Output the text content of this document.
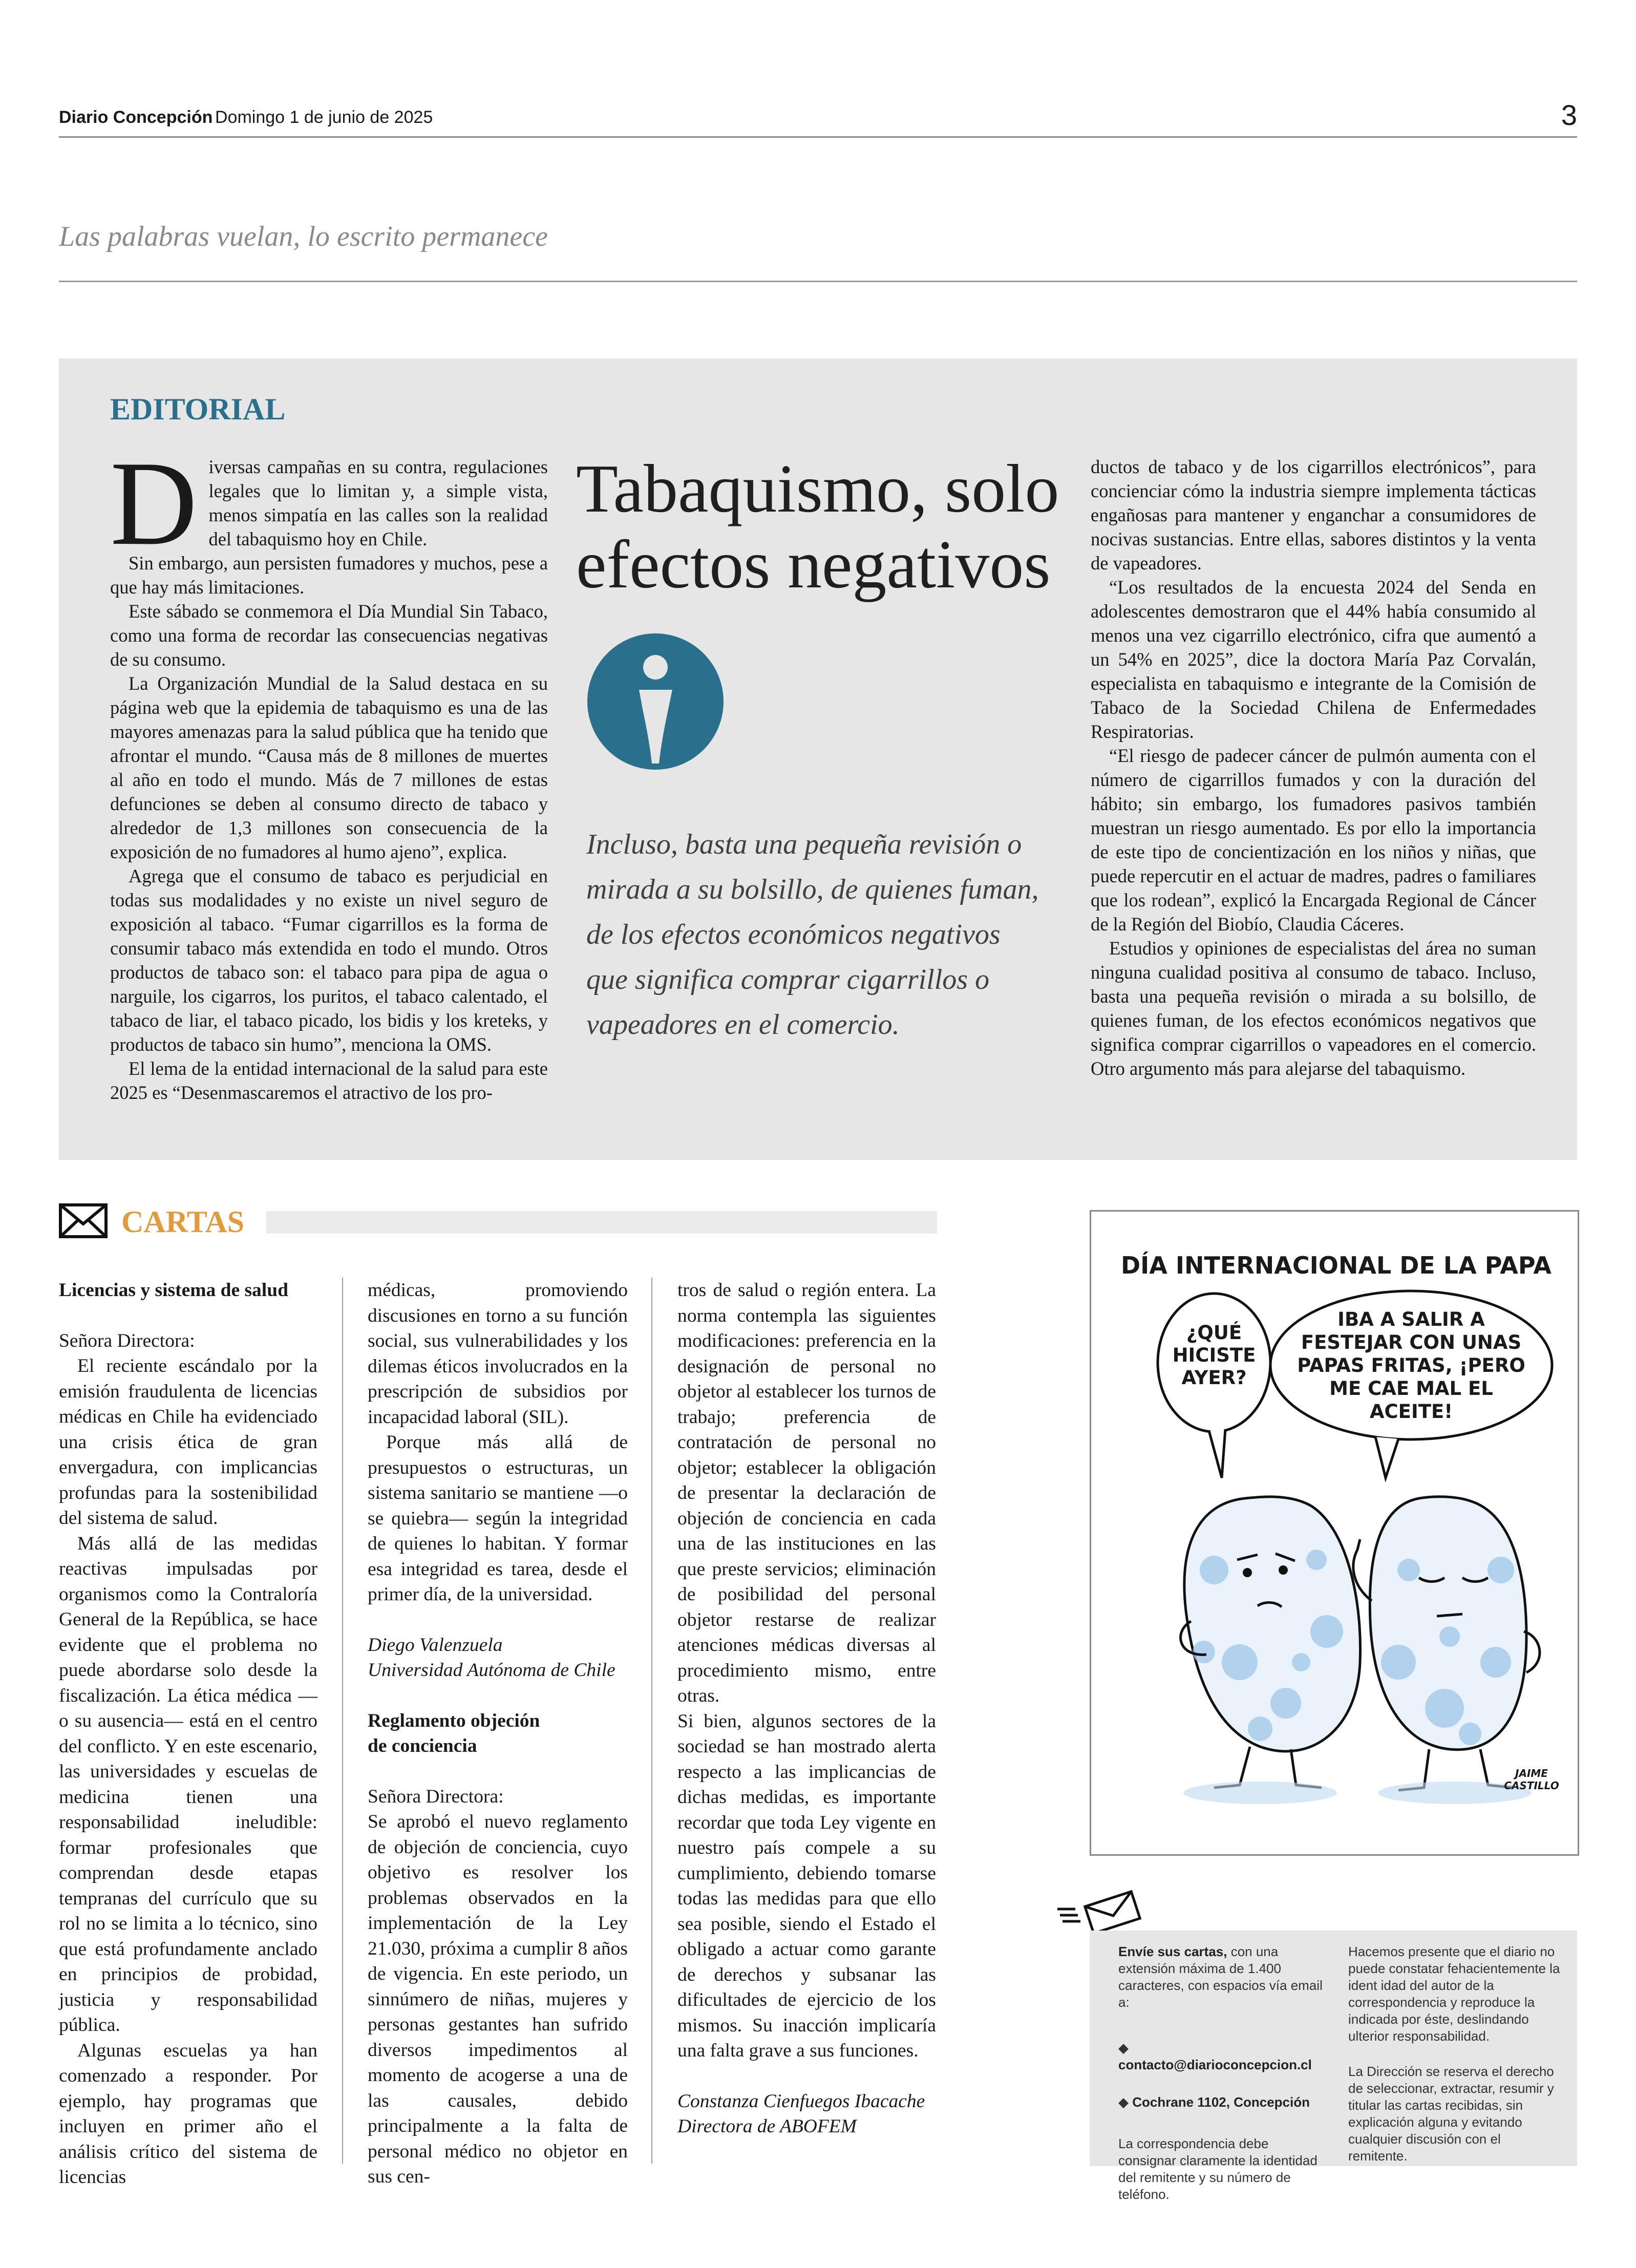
Diario Concepción Domingo 1 de junio de 2025	3
Las palabras vuelan, lo escrito permanece
EDITORIAL

Diversas campañas en su contra, regulaciones legales que lo limitan y, a simple vista, menos simpatía en las calles son la realidad del tabaquismo hoy en Chile.

Sin embargo, aun persisten fumadores y muchos, pese a que hay más limitaciones.

Este sábado se conmemora el Día Mundial Sin Tabaco, como una forma de recordar las consecuencias negativas de su consumo.

La Organización Mundial de la Salud destaca en su página web que la epidemia de tabaquismo es una de las mayores amenazas para la salud pública que ha tenido que afrontar el mundo. “Causa más de 8 millones de muertes al año en todo el mundo. Más de 7 millones de estas defunciones se deben al consumo directo de tabaco y alrededor de 1,3 millones son consecuencia de la exposición de no fumadores al humo ajeno”, explica.

Agrega que el consumo de tabaco es perjudicial en todas sus modalidades y no existe un nivel seguro de exposición al tabaco. “Fumar cigarrillos es la forma de consumir tabaco más extendida en todo el mundo. Otros productos de tabaco son: el tabaco para pipa de agua o narguile, los cigarros, los puritos, el tabaco calentado, el tabaco de liar, el tabaco picado, los bidis y los kreteks, y productos de tabaco sin humo”, menciona la OMS.

El lema de la entidad internacional de la salud para este 2025 es “Desenmascaremos el atractivo de los pro-

Tabaquismo, solo efectos negativos
Incluso, basta una pequeña revisión o mirada a su bolsillo, de quienes fuman, de los efectos económicos negativos que significa comprar cigarrillos o vapeadores en el comercio.

ductos de tabaco y de los cigarrillos electrónicos”, para concienciar cómo la industria siempre implementa tácticas engañosas para mantener y enganchar a consumidores de nocivas sustancias. Entre ellas, sabores distintos y la venta de vapeadores.

“Los resultados de la encuesta 2024 del Senda en adolescentes demostraron que el 44% había consumido al menos una vez cigarrillo electrónico, cifra que aumentó a un 54% en 2025”, dice la doctora María Paz Corvalán, especialista en tabaquismo e integrante de la Comisión de Tabaco de la Sociedad Chilena de Enfermedades Respiratorias.

“El riesgo de padecer cáncer de pulmón aumenta con el número de cigarrillos fumados y con la duración del hábito; sin embargo, los fumadores pasivos también muestran un riesgo aumentado. Es por ello la importancia de este tipo de concientización en los niños y niñas, que puede repercutir en el actuar de madres, padres o familiares que los rodean”, explicó la Encargada Regional de Cáncer de la Región del Biobío, Claudia Cáceres.

Estudios y opiniones de especialistas del área no suman ninguna cualidad positiva al consumo de tabaco. Incluso, basta una pequeña revisión o mirada a su bolsillo, de quienes fuman, de los efectos económicos negativos que significa comprar cigarrillos o vapeadores en el comercio. Otro argumento más para alejarse del tabaquismo.

CARTAS

Licencias y sistema de salud

Señora Directora:

El reciente escándalo por la emisión fraudulenta de licencias médicas en Chile ha evidenciado una crisis ética de gran envergadura, con implicancias profundas para la sostenibilidad del sistema de salud.

Más allá de las medidas reactivas impulsadas por organismos como la Contraloría General de la República, se hace evidente que el problema no puede abordarse solo desde la fiscalización. La ética médica —o su ausencia— está en el centro del conflicto. Y en este escenario, las universidades y escuelas de medicina tienen una responsabilidad ineludible: formar profesionales que comprendan desde etapas tempranas del currículo que su rol no se limita a lo técnico, sino que está profundamente anclado en principios de probidad, justicia y responsabilidad pública.

Algunas escuelas ya han comenzado a responder. Por ejemplo, hay programas que incluyen en primer año el análisis crítico del sistema de licencias

médicas, promoviendo discusiones en torno a su función social, sus vulnerabilidades y los dilemas éticos involucrados en la prescripción de subsidios por incapacidad laboral (SIL).

Porque más allá de presupuestos o estructuras, un sistema sanitario se mantiene —o se quiebra— según la integridad de quienes lo habitan. Y formar esa integridad es tarea, desde el primer día, de la universidad.

Diego Valenzuela

Universidad Autónoma de Chile

Reglamento objeción de conciencia

Señora Directora:

Se aprobó el nuevo reglamento de objeción de conciencia, cuyo objetivo es resolver los problemas observados en la implementación de la Ley 21.030, próxima a cumplir 8 años de vigencia. En este periodo, un sinnúmero de niñas, mujeres y personas gestantes han sufrido diversos impedimentos al momento de acogerse a una de las causales, debido principalmente a la falta de personal médico no objetor en sus cen-

tros de salud o región entera. La norma contempla las siguientes modificaciones: preferencia en la designación de personal no objetor al establecer los turnos de trabajo; preferencia de contratación de personal no objetor; establecer la obligación de presentar la declaración de objeción de conciencia en cada una de las instituciones en las que preste servicios; eliminación de posibilidad del personal objetor restarse de realizar atenciones médicas diversas al procedimiento mismo, entre otras.

Si bien, algunos sectores de la sociedad se han mostrado alerta respecto a las implicancias de dichas medidas, es importante recordar que toda Ley vigente en nuestro país compele a su cumplimiento, debiendo tomarse todas las medidas para que ello sea posible, siendo el Estado el obligado a actuar como garante de derechos y subsanar las dificultades de ejercicio de los mismos. Su inacción implicaría una falta grave a sus funciones.

Constanza Cienfuegos Ibacache

Directora de ABOFEM

DÍA INTERNACIONAL DE LA PAPA
¿QUÉ HICISTE AYER?
IBA A SALIR A FESTEJAR CON UNAS PAPAS FRITAS, ¡PERO ME CAE MAL EL ACEITE!
JAIME CASTILLO

Envíe sus cartas, con una extensión máxima de 1.400 caracteres, con espacios vía email a:

◆ contacto@diarioconcepcion.cl

◆ Cochrane 1102, Concepción

La correspondencia debe consignar claramente la identidad del remitente y su número de teléfono.

Hacemos presente que el diario no puede constatar fehacientemente la ident idad del autor de la correspondencia y reproduce la indicada por éste, deslindando ulterior responsabilidad.

La Dirección se reserva el derecho de seleccionar, extractar, resumir y titular las cartas recibidas, sin explicación alguna y evitando cualquier discusión con el remitente.
